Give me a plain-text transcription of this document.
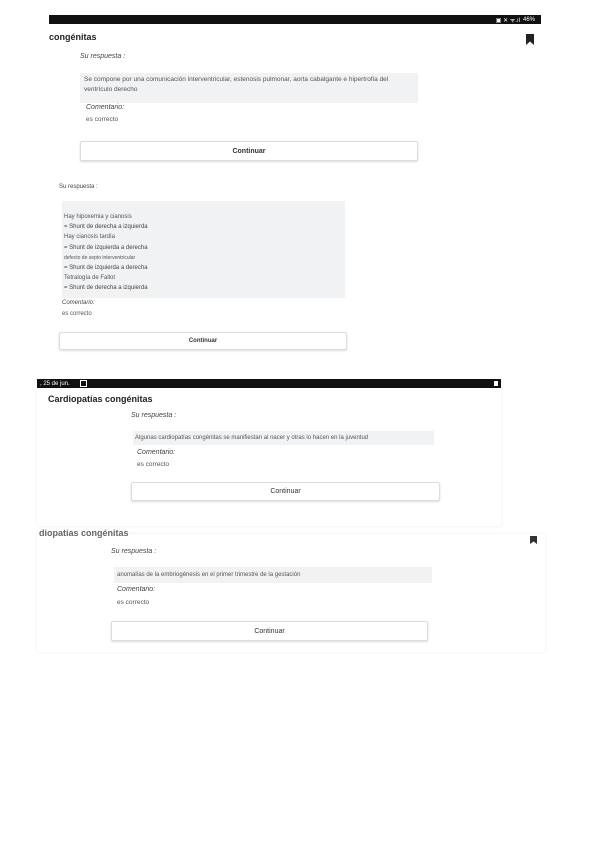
▣ ✕ ᯤ.ıl 46%
congénitas
Su respuesta :
Se compone por una comunicación interventricular, estenosis pulmonar, aorta cabalgante e hipertrofia del ventrículo derecho
Comentario:
es correcto
Continuar
Su respuesta :
Hay hipoxemia y cianosis
= Shunt de derecha a izquierda
Hay cianosis tardía
= Shunt de izquierda a derecha
defecto de septo interventricular
= Shunt de izquierda a derecha
Tetralogía de Fallot
= Shunt de derecha a izquierda
Comentario:
es correcto
Continuar
, 25 de jun.
Cardiopatías congénitas
Su respuesta :
Algunas cardiopatías congénitas se manifiestan al nacer y otras lo hacen en la juventud
Comentario:
es correcto
Continuar
diopatías congénitas
Su respuesta :
anomalías de la embriogénesis en el primer trimestre de la gestación
Comentario:
es correcto
Continuar
